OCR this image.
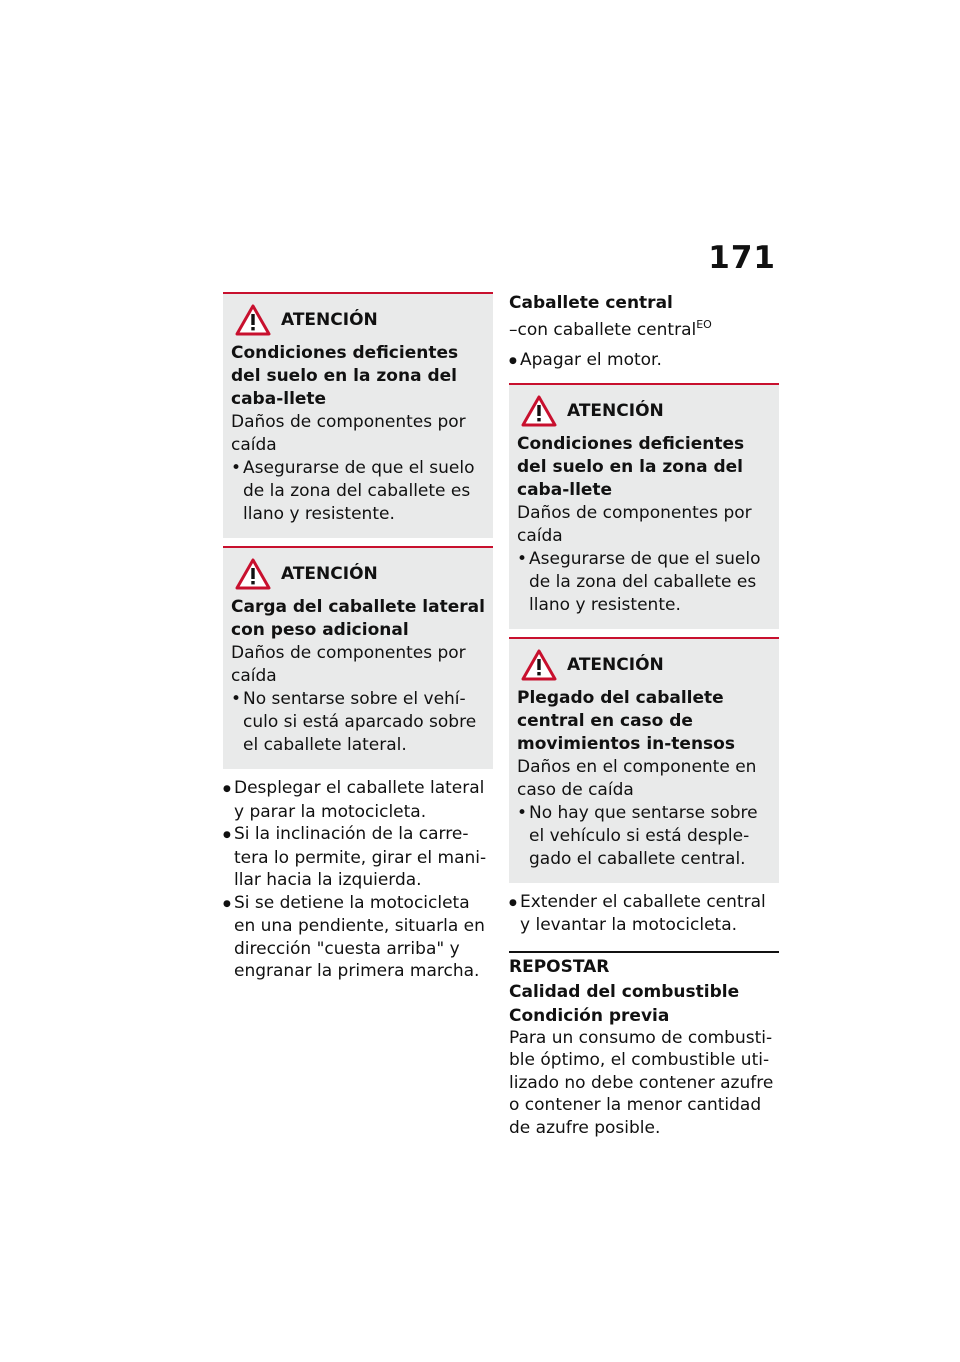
171
ATENCIÓN
Condiciones deficientes del suelo en la zona del caba-llete
Daños de componentes por caída
• Asegurarse de que el suelo de la zona del caballete es llano y resistente.
ATENCIÓN
Carga del caballete lateral con peso adicional
Daños de componentes por caída
• No sentarse sobre el vehí-culo si está aparcado sobre el caballete lateral.
● Desplegar el caballete lateral y parar la motocicleta.
● Si la inclinación de la carre-tera lo permite, girar el mani-llar hacia la izquierda.
● Si se detiene la motocicleta en una pendiente, situarla en dirección "cuesta arriba" y engranar la primera marcha.
Caballete central
–con caballete central$^{EO}$
● Apagar el motor.
ATENCIÓN
Condiciones deficientes del suelo en la zona del caba-llete
Daños de componentes por caída
• Asegurarse de que el suelo de la zona del caballete es llano y resistente.
ATENCIÓN
Plegado del caballete central en caso de movimientos in-tensos
Daños en el componente en caso de caída
• No hay que sentarse sobre el vehículo si está desple-gado el caballete central.
● Extender el caballete central y levantar la motocicleta.
REPOSTAR
Calidad del combustible
Condición previa

Para un consumo de combusti-ble óptimo, el combustible uti-lizado no debe contener azufre o contener la menor cantidad de azufre posible.
